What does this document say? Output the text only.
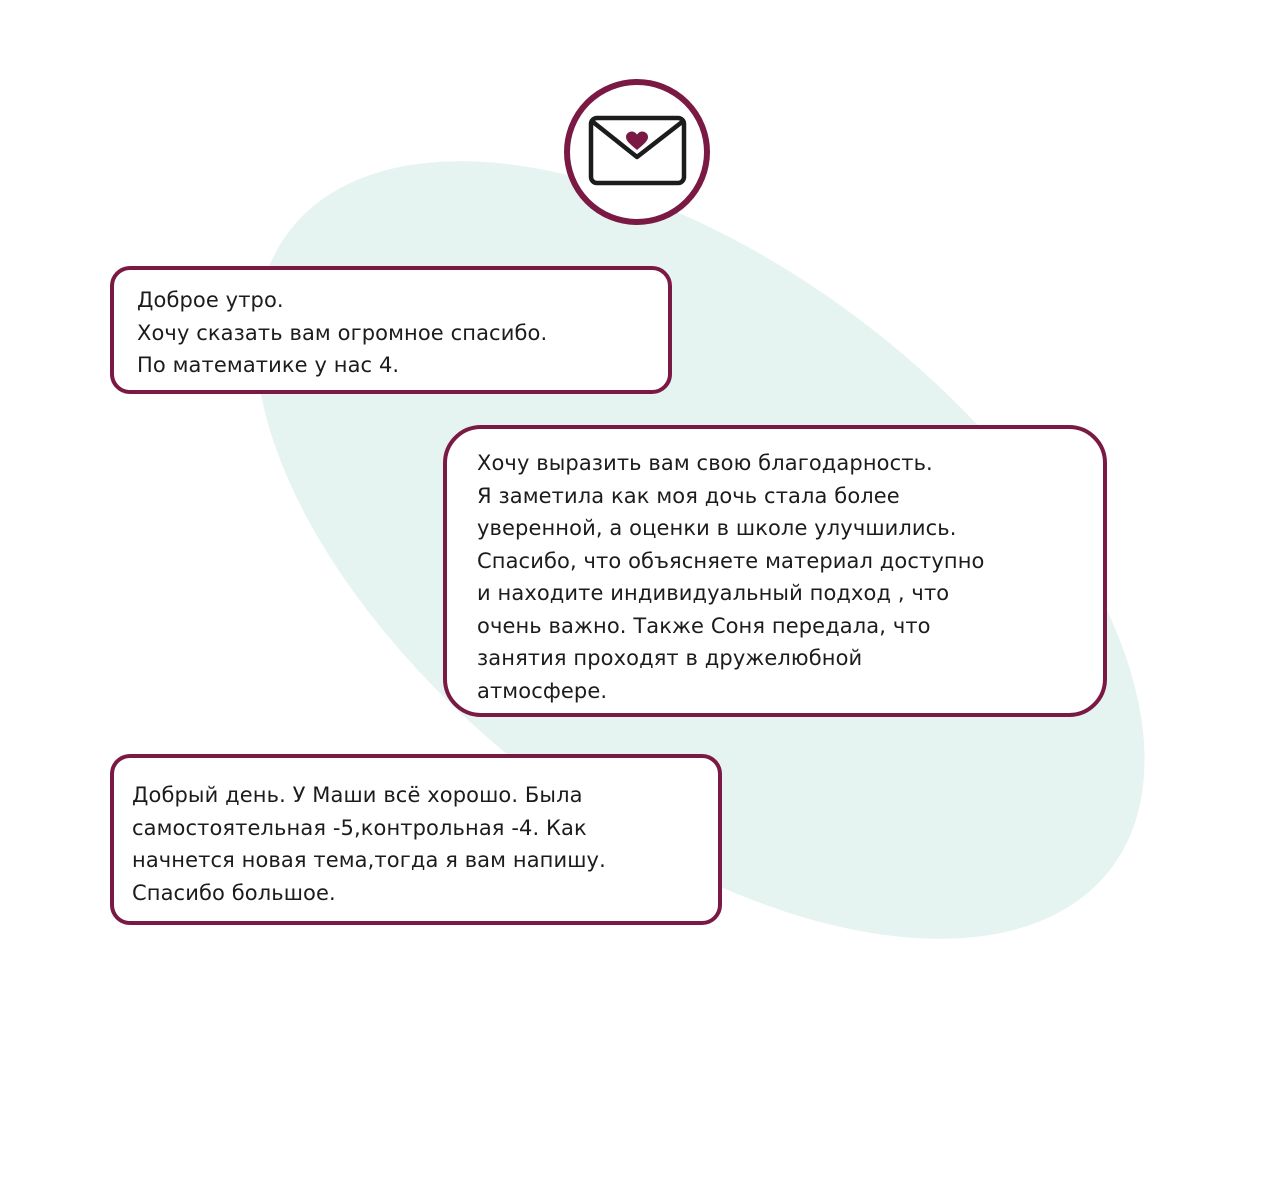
Доброе утро.
Хочу сказать вам огромное спасибо.
По математике у нас 4.
Хочу выразить вам свою благодарность.
Я заметила как моя дочь стала более
уверенной, а оценки в школе улучшились.
Спасибо, что объясняете материал доступно
и находите индивидуальный подход , что
очень важно. Также Соня передала, что
занятия проходят в дружелюбной
атмосфере.
Добрый день. У Маши всё хорошо. Была
самостоятельная -5,контрольная -4. Как
начнется новая тема,тогда я вам напишу.
Спасибо большое.
